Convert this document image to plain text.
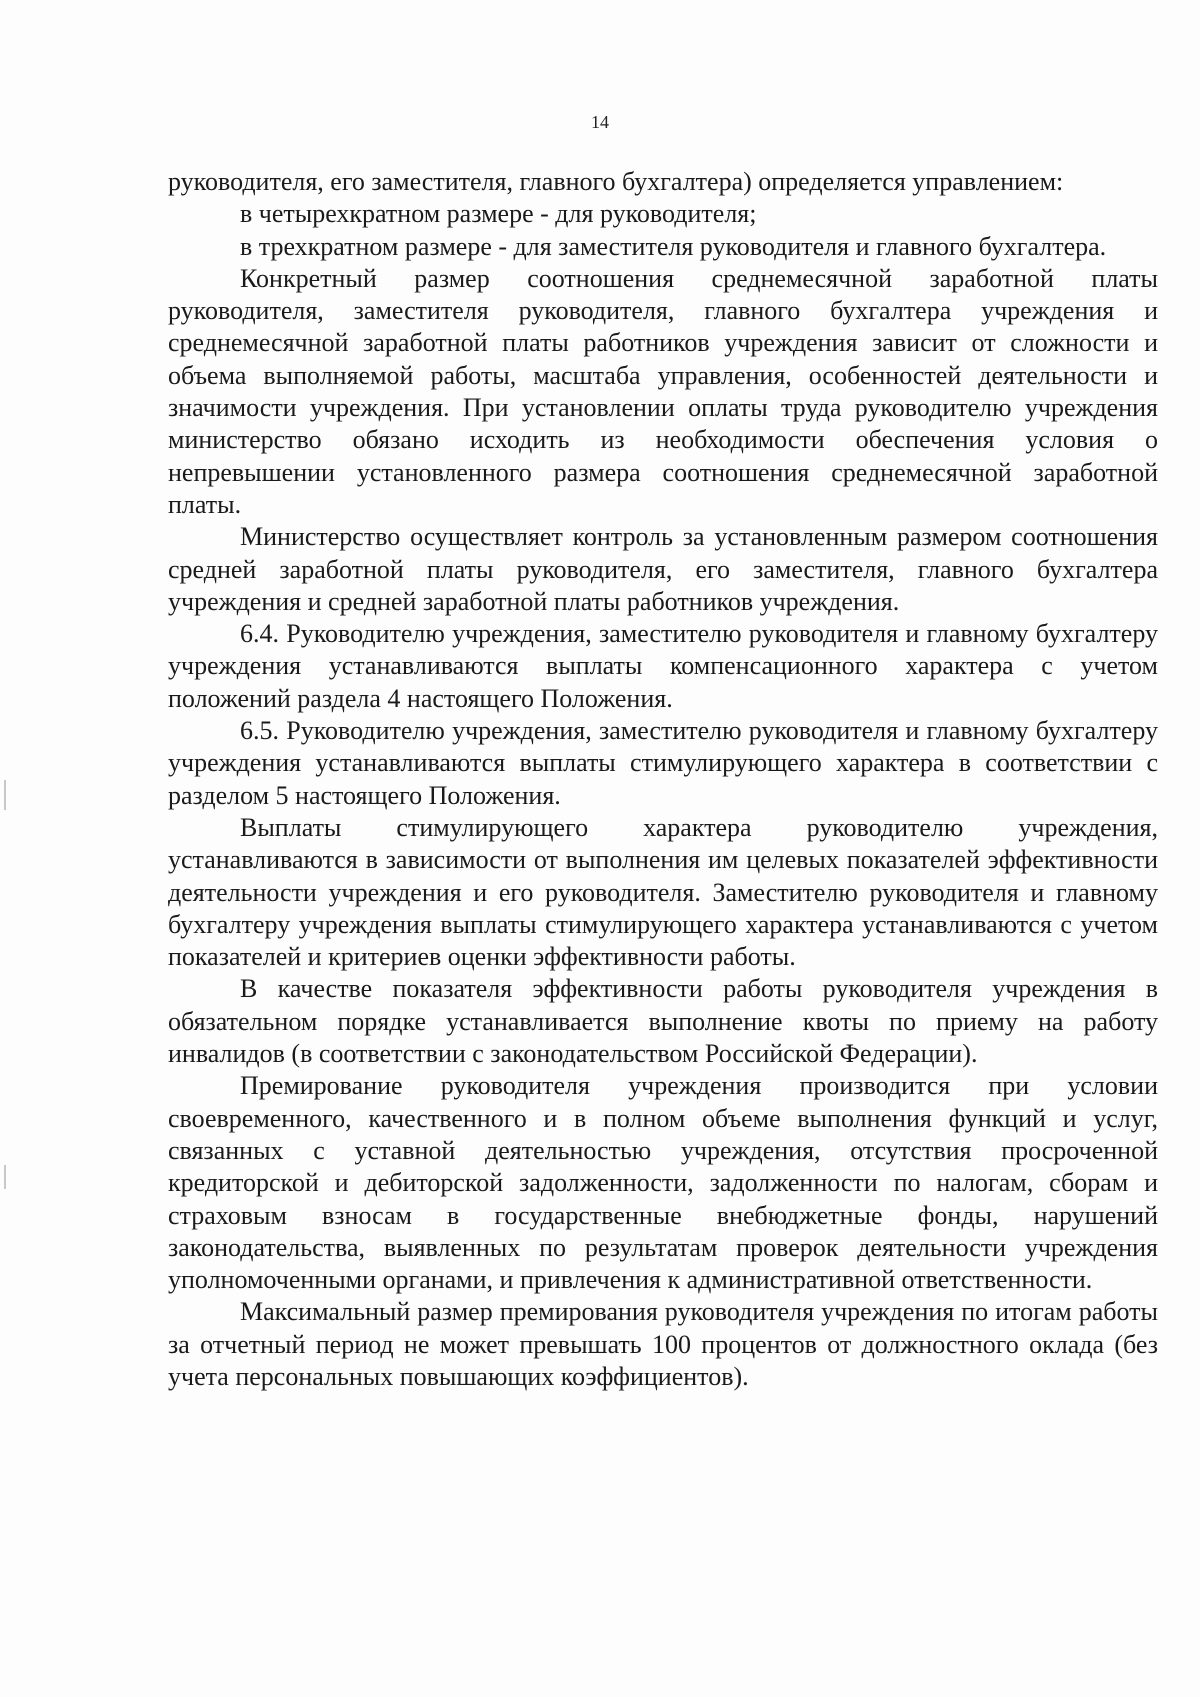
14

руководителя, его заместителя, главного бухгалтера) определяется управлением:

в четырехкратном размере - для руководителя;

в трехкратном размере - для заместителя руководителя и главного бухгалтера.

Конкретный размер соотношения среднемесячной заработной платы руководителя, заместителя руководителя, главного бухгалтера учреждения и среднемесячной заработной платы работников учреждения зависит от сложности и объема выполняемой работы, масштаба управления, особенностей деятельности и значимости учреждения. При установлении оплаты труда руководителю учреждения министерство обязано исходить из необходимости обеспечения условия о непревышении установленного размера соотношения среднемесячной заработной платы.

Министерство осуществляет контроль за установленным размером соотношения средней заработной платы руководителя, его заместителя, главного бухгалтера учреждения и средней заработной платы работников учреждения.

6.4. Руководителю учреждения, заместителю руководителя и главному бухгалтеру учреждения устанавливаются выплаты компенсационного характера с учетом положений раздела 4 настоящего Положения.

6.5. Руководителю учреждения, заместителю руководителя и главному бухгалтеру учреждения устанавливаются выплаты стимулирующего характера в соответствии с разделом 5 настоящего Положения.

Выплаты стимулирующего характера руководителю учреждения, устанавливаются в зависимости от выполнения им целевых показателей эффективности деятельности учреждения и его руководителя. Заместителю руководителя и главному бухгалтеру учреждения выплаты стимулирующего характера устанавливаются с учетом показателей и критериев оценки эффективности работы.

В качестве показателя эффективности работы руководителя учреждения в обязательном порядке устанавливается выполнение квоты по приему на работу инвалидов (в соответствии с законодательством Российской Федерации).

Премирование руководителя учреждения производится при условии своевременного, качественного и в полном объеме выполнения функций и услуг, связанных с уставной деятельностью учреждения, отсутствия просроченной кредиторской и дебиторской задолженности, задолженности по налогам, сборам и страховым взносам в государственные внебюджетные фонды, нарушений законодательства, выявленных по результатам проверок деятельности учреждения уполномоченными органами, и привлечения к административной ответственности.

Максимальный размер премирования руководителя учреждения по итогам работы за отчетный период не может превышать 100 процентов от должностного оклада (без учета персональных повышающих коэффициентов).
